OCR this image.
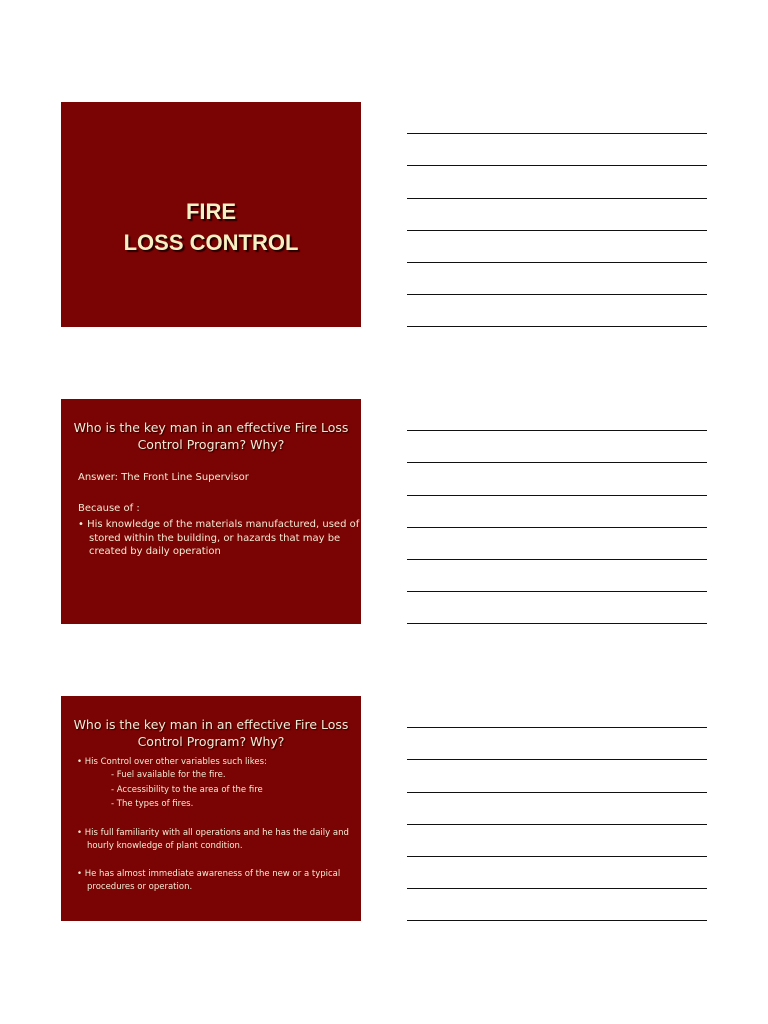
FIRE
LOSS CONTROL
Who is the key man in an effective Fire Loss Control Program? Why?
Answer: The Front Line Supervisor
Because of :
• His knowledge of the materials manufactured, used of stored within the building, or hazards that may be created by daily operation
Who is the key man in an effective Fire Loss Control Program? Why?
• His Control over other variables such likes:
- Fuel available for the fire.
- Accessibility to the area of the fire
- The types of fires.
• His full familiarity with all operations and he has the daily and hourly knowledge of plant condition.
• He has almost immediate awareness of the new or a typical procedures or operation.
